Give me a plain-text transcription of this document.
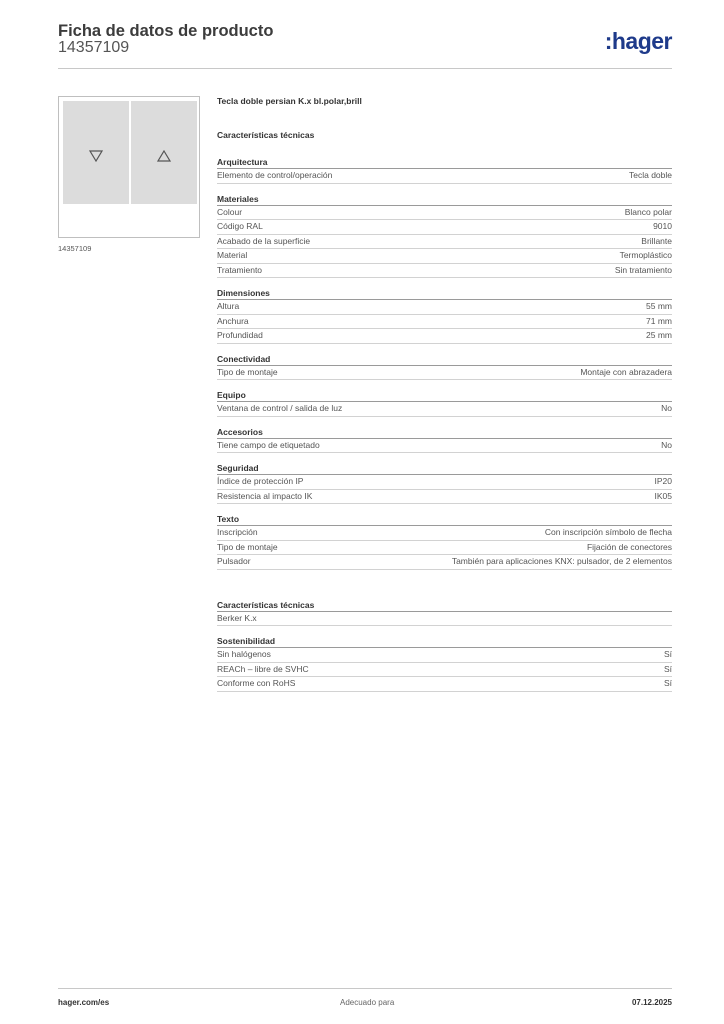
Ficha de datos de producto
14357109	:hager
14357109
Tecla doble persian K.x bl.polar,brill
Características técnicas
Arquitectura
Elemento de control/operación	Tecla doble
Materiales
Colour	Blanco polar
Código RAL	9010
Acabado de la superficie	Brillante
Material	Termoplástico
Tratamiento	Sin tratamiento
Dimensiones
Altura	55 mm
Anchura	71 mm
Profundidad	25 mm
Conectividad
Tipo de montaje	Montaje con abrazadera
Equipo
Ventana de control / salida de luz	No
Accesorios
Tiene campo de etiquetado	No
Seguridad
Índice de protección IP	IP20
Resistencia al impacto IK	IK05
Texto
Inscripción	Con inscripción símbolo de flecha
Tipo de montaje	Fijación de conectores
Pulsador	También para aplicaciones KNX: pulsador, de 2 elementos
Características técnicas
Berker K.x
Sostenibilidad
Sin halógenos	Sí
REACh – libre de SVHC	Sí
Conforme con RoHS	Sí
hager.com/es	Adecuado para	07.12.2025
